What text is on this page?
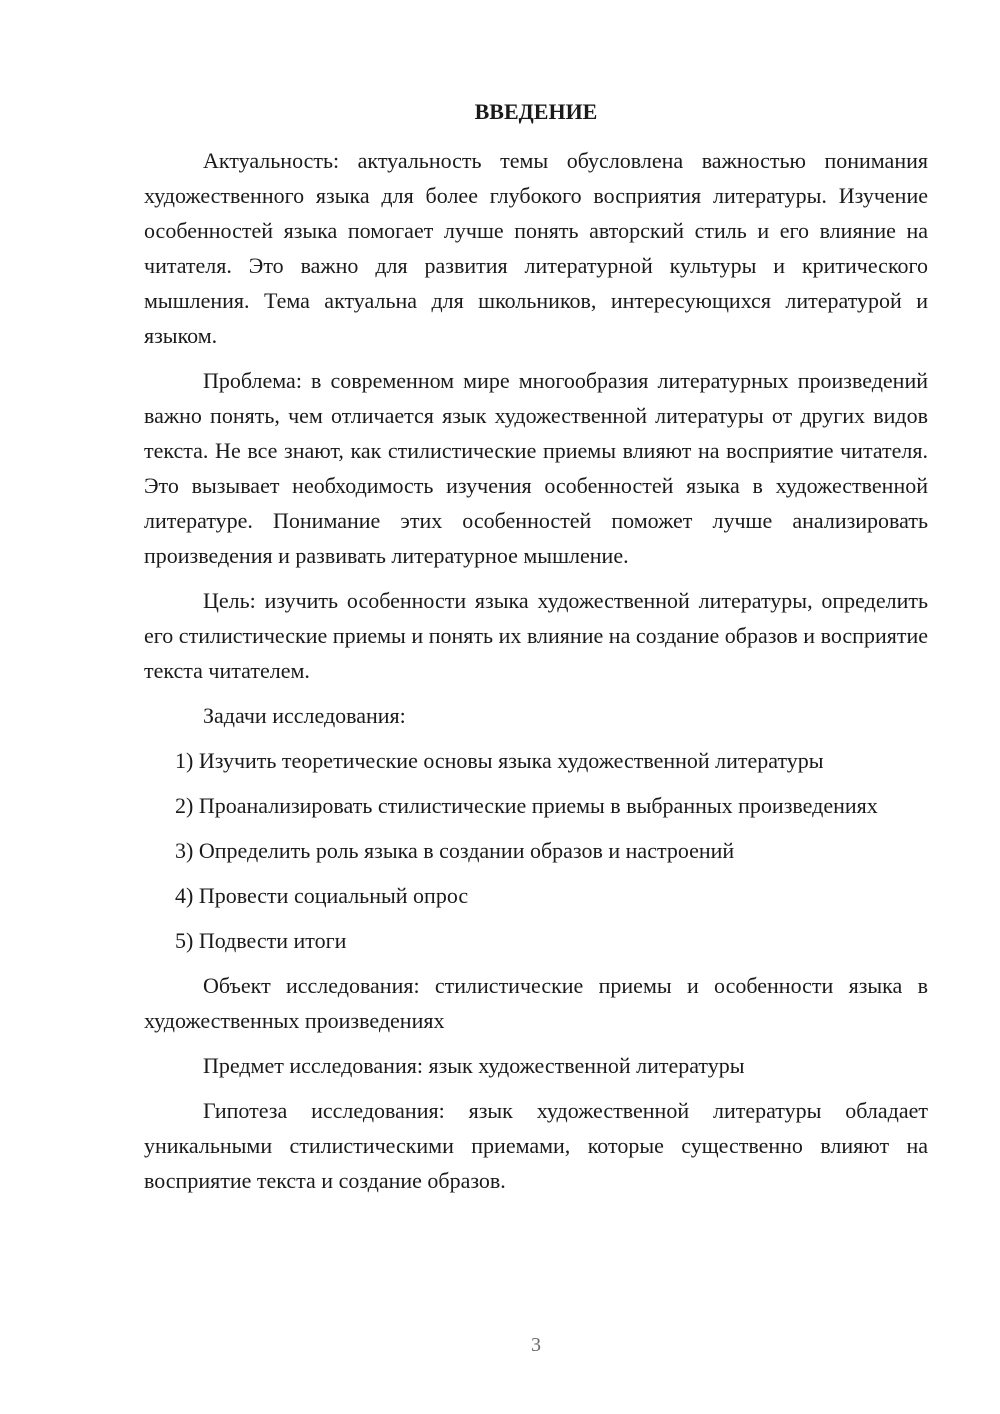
ВВЕДЕНИЕ

Актуальность: актуальность темы обусловлена важностью понимания художественного языка для более глубокого восприятия литературы. Изучение особенностей языка помогает лучше понять авторский стиль и его влияние на читателя. Это важно для развития литературной культуры и критического мышления. Тема актуальна для школьников, интересующихся литературой и языком.

Проблема: в современном мире многообразия литературных произведений важно понять, чем отличается язык художественной литературы от других видов текста. Не все знают, как стилистические приемы влияют на восприятие читателя. Это вызывает необходимость изучения особенностей языка в художественной литературе. Понимание этих особенностей поможет лучше анализировать произведения и развивать литературное мышление.

Цель: изучить особенности языка художественной литературы, определить его стилистические приемы и понять их влияние на создание образов и восприятие текста читателем.

Задачи исследования:

1) Изучить теоретические основы языка художественной литературы

2) Проанализировать стилистические приемы в выбранных произведениях

3) Определить роль языка в создании образов и настроений

4) Провести социальный опрос

5) Подвести итоги

Объект исследования: стилистические приемы и особенности языка в художественных произведениях

Предмет исследования: язык художественной литературы

Гипотеза исследования: язык художественной литературы обладает уникальными стилистическими приемами, которые существенно влияют на восприятие текста и создание образов.

3
